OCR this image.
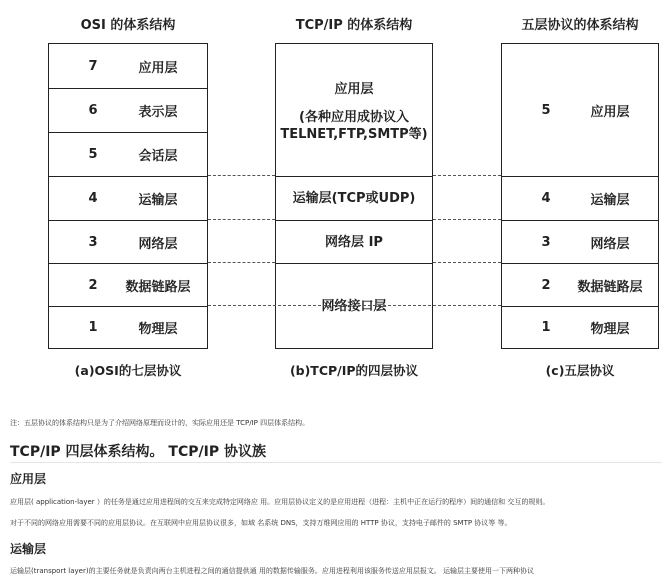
OSI 的体系结构
7	应用层
6	表示层
5	会话层
4	运输层
3	网络层
2	数据链路层
1	物理层
(a)OSI的七层协议
TCP/IP 的体系结构
应用层
(各种应用成协议入
TELNET,FTP,SMTP等)
运输层(TCP或UDP)
网络层 IP
网络接口层
(b)TCP/IP的四层协议
五层协议的体系结构
5	应用层
4	运输层
3	网络层
2	数据链路层
1	物理层
(c)五层协议
注：五层协议的体系结构只是为了介绍网络原理而设计的，实际应用还是 TCP/IP 四层体系结构。
TCP/IP 四层体系结构。 TCP/IP 协议族
应用层
应用层( application-layer ）的任务是通过应用进程间的交互来完成特定网络应 用。应用层协议定义的是应用进程（进程：主机中正在运行的程序）间的通信和 交互的规则。
对于不同的网络应用需要不同的应用层协议。在互联网中应用层协议很多，如域 名系统 DNS，支持万维网应用的 HTTP 协议，支持电子邮件的 SMTP 协议等 等。
运输层
运输层(transport layer)的主要任务就是负责向两台主机进程之间的通信提供通 用的数据传输服务。应用进程利用该服务传送应用层报文。 运输层主要使用一下两种协议
